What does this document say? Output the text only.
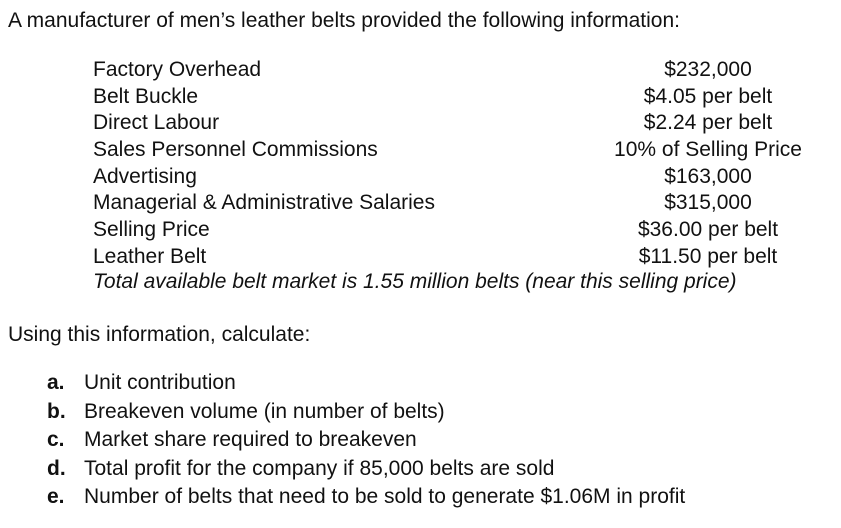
A manufacturer of men’s leather belts provided the following information:
Factory Overhead	$232,000
Belt Buckle	$4.05 per belt
Direct Labour	$2.24 per belt
Sales Personnel Commissions	10% of Selling Price
Advertising	$163,000
Managerial & Administrative Salaries	$315,000
Selling Price	$36.00 per belt
Leather Belt	$11.50 per belt
Total available belt market is 1.55 million belts (near this selling price)
Using this information, calculate:
a. Unit contribution
b. Breakeven volume (in number of belts)
c. Market share required to breakeven
d. Total profit for the company if 85,000 belts are sold
e. Number of belts that need to be sold to generate $1.06M in profit
